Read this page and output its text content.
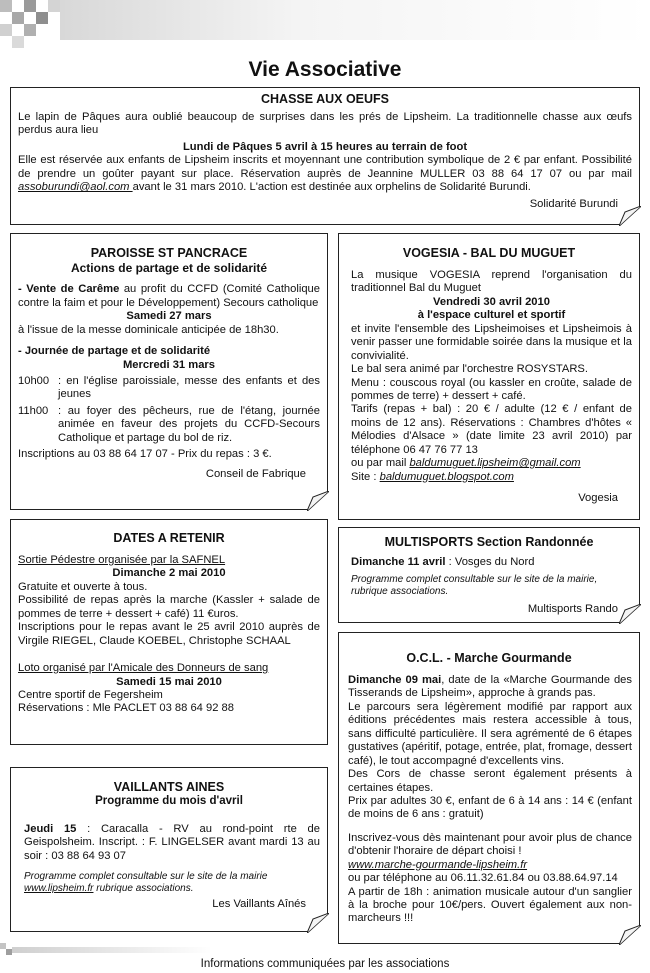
Vie Associative
CHASSE AUX OEUFS

Le lapin de Pâques aura oublié beaucoup de surprises dans les prés de Lipsheim. La traditionnelle chasse aux œufs perdus aura lieu

Lundi de Pâques 5 avril à 15 heures au terrain de foot

Elle est réservée aux enfants de Lipsheim inscrits et moyennant une contribution symbolique de 2 € par enfant. Possibilité de prendre un goûter payant sur place. Réservation auprès de Jeannine MULLER 03 88 64 17 07 ou par mail assoburundi@aol.com avant le 31 mars 2010. L'action est destinée aux orphelins de Solidarité Burundi.

Solidarité Burundi

PAROISSE ST PANCRACE
Actions de partage et de solidarité

- Vente de Carême au profit du CCFD (Comité Catholique contre la faim et pour le Développement) Secours catholique

Samedi 27 mars

à l'issue de la messe dominicale anticipée de 18h30.

- Journée de partage et de solidarité

Mercredi 31 mars

10h00 : en l'église paroissiale, messe des enfants et des jeunes
11h00 : au foyer des pêcheurs, rue de l'étang, journée animée en faveur des projets du CCFD-Secours Catholique et partage du bol de riz.

Inscriptions au 03 88 64 17 07 - Prix du repas : 3 €.

Conseil de Fabrique

VOGESIA - BAL DU MUGUET

La musique VOGESIA reprend l'organisation du traditionnel Bal du Muguet

Vendredi 30 avril 2010

à l'espace culturel et sportif

et invite l'ensemble des Lipsheimoises et Lipsheimois à venir passer une formidable soirée dans la musique et la convivialité.

Le bal sera animé par l'orchestre ROSYSTARS.

Menu : couscous royal (ou kassler en croûte, salade de pommes de terre) + dessert + café.

Tarifs (repas + bal) : 20 € / adulte (12 € / enfant de moins de 12 ans). Réservations : Chambres d'hôtes « Mélodies d'Alsace » (date limite 23 avril 2010) par téléphone 06 47 76 77 13

ou par mail baldumuguet.lipsheim@gmail.com

Site : baldumuguet.blogspot.com

Vogesia

DATES A RETENIR

Sortie Pédestre organisée par la SAFNEL

Dimanche 2 mai 2010

Gratuite et ouverte à tous.

Possibilité de repas après la marche (Kassler + salade de pommes de terre + dessert + café) 11 €uros.

Inscriptions pour le repas avant le 25 avril 2010 auprès de Virgile RIEGEL, Claude KOEBEL, Christophe SCHAAL

Loto organisé par l'Amicale des Donneurs de sang

Samedi 15 mai 2010

Centre sportif de Fegersheim

Réservations : Mle PACLET 03 88 64 92 88

MULTISPORTS Section Randonnée

Dimanche 11 avril : Vosges du Nord

Programme complet consultable sur le site de la mairie, rubrique associations.

Multisports Rando

O.C.L. - Marche Gourmande

Dimanche 09 mai, date de la «Marche Gourmande des Tisserands de Lipsheim», approche à grands pas.

Le parcours sera légèrement modifié par rapport aux éditions précédentes mais restera accessible à tous, sans difficulté particulière. Il sera agrémenté de 6 étapes gustatives (apéritif, potage, entrée, plat, fromage, dessert café), le tout accompagné d'excellents vins.

Des Cors de chasse seront également présents à certaines étapes.

Prix par adultes 30 €, enfant de 6 à 14 ans : 14 € (enfant de moins de 6 ans : gratuit)

Inscrivez-vous dès maintenant pour avoir plus de chance d'obtenir l'horaire de départ choisi !

www.marche-gourmande-lipsheim.fr

ou par téléphone au 06.11.32.61.84 ou 03.88.64.97.14

A partir de 18h : animation musicale autour d'un sanglier à la broche pour 10€/pers. Ouvert également aux non-marcheurs !!!

VAILLANTS AINES
Programme du mois d'avril

Jeudi 15 : Caracalla - RV au rond-point rte de Geispolsheim. Inscript. : F. LINGELSER avant mardi 13 au soir : 03 88 64 93 07

Programme complet consultable sur le site de la mairie www.lipsheim.fr rubrique associations.

Les Vaillants Aînés

Informations communiquées par les associations
